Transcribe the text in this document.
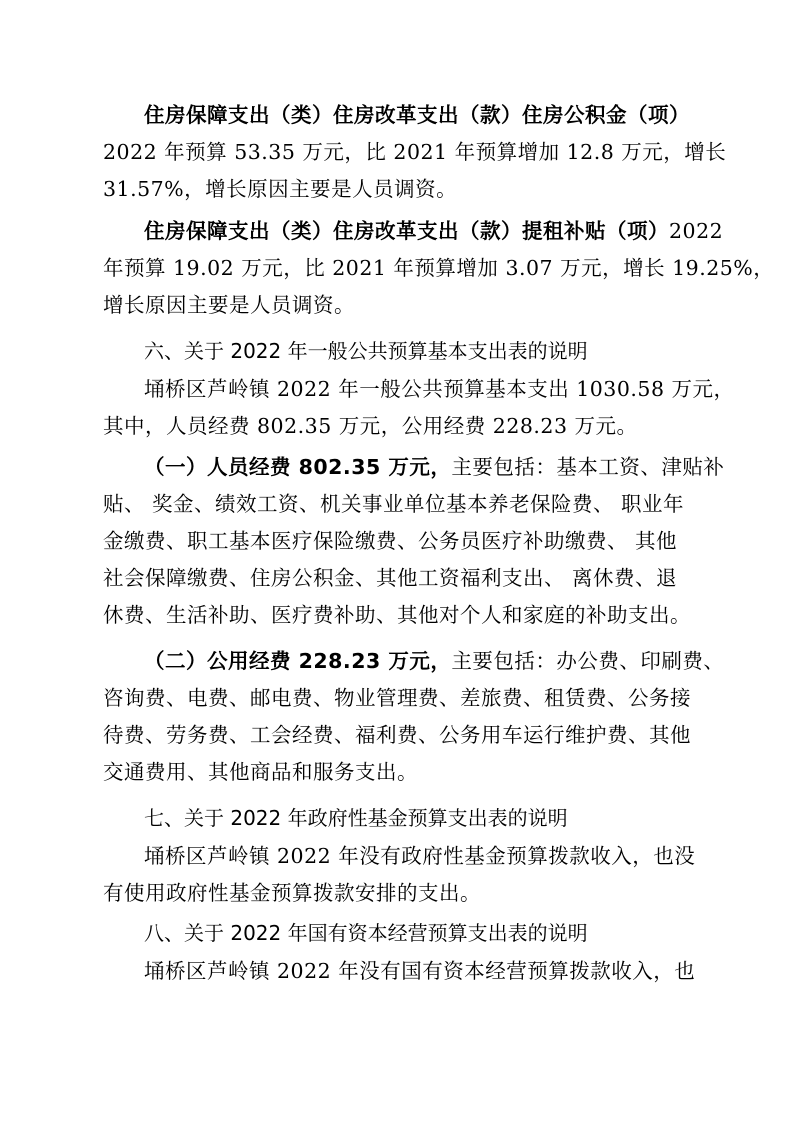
住房保障支出（类）住房改革支出（款）住房公积金（项）
2022 年预算 53.35 万元，比 2021 年预算增加 12.8 万元，增长
31.57%，增长原因主要是人员调资。
住房保障支出（类）住房改革支出（款）提租补贴（项）2022
年预算 19.02 万元，比 2021 年预算增加 3.07 万元，增长 19.25%，
增长原因主要是人员调资。
六、关于 2022 年一般公共预算基本支出表的说明
埇桥区芦岭镇 2022 年一般公共预算基本支出 1030.58 万元，
其中，人员经费 802.35 万元，公用经费 228.23 万元。
（一）人员经费 802.35 万元，主要包括：基本工资、津贴补
贴、 奖金、绩效工资、机关事业单位基本养老保险费、 职业年
金缴费、职工基本医疗保险缴费、公务员医疗补助缴费、 其他
社会保障缴费、住房公积金、其他工资福利支出、 离休费、退
休费、生活补助、医疗费补助、其他对个人和家庭的补助支出。
（二）公用经费 228.23 万元，主要包括：办公费、印刷费、
咨询费、电费、邮电费、物业管理费、差旅费、租赁费、公务接
待费、劳务费、工会经费、福利费、公务用车运行维护费、其他
交通费用、其他商品和服务支出。
七、关于 2022 年政府性基金预算支出表的说明
埇桥区芦岭镇 2022 年没有政府性基金预算拨款收入，也没
有使用政府性基金预算拨款安排的支出。
八、关于 2022 年国有资本经营预算支出表的说明
埇桥区芦岭镇 2022 年没有国有资本经营预算拨款收入，也
